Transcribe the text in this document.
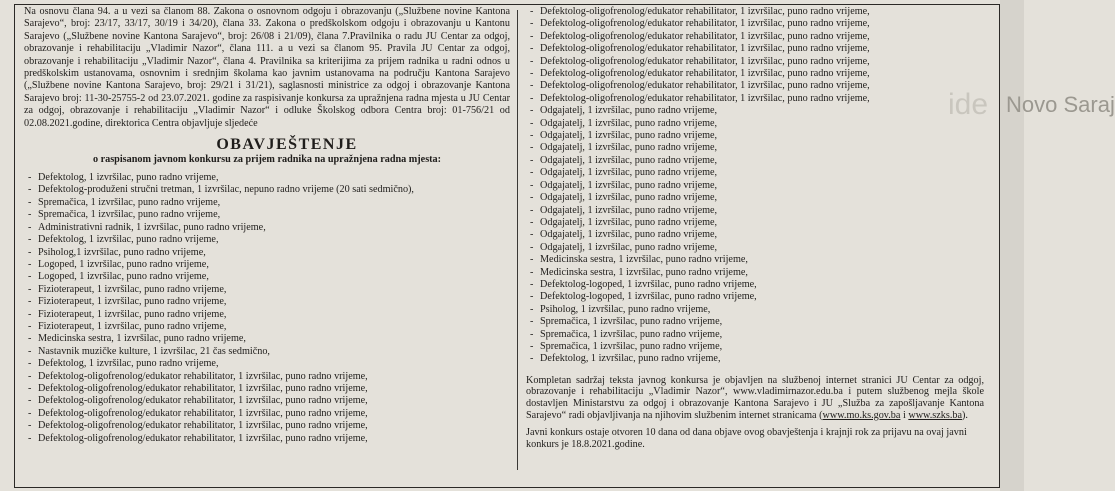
Novo Saraj
ide

Na osnovu člana 94. a u vezi sa članom 88. Zakona o osnovnom odgoju i obrazovanju („Službene novine Kantona Sarajevo“, broj: 23/17, 33/17, 30/19 i 34/20), člana 33. Zakona o predškolskom odgoju i obrazovanju u Kantonu Sarajevo („Službene novine Kantona Sarajevo“, broj: 26/08 i 21/09), člana 7.Pravilnika o radu JU Centar za odgoj, obrazovanje i rehabilitaciju „Vladimir Nazor“, člana 111. a u vezi sa članom 95. Pravila JU Centar za odgoj, obrazovanje i rehabilitaciju „Vladimir Nazor“, člana 4. Pravilnika sa kriterijima za prijem radnika u radni odnos u predškolskim ustanovama, osnovnim i srednjim školama kao javnim ustanovama na području Kantona Sarajevo („Službene novine Kantona Sarajevo, broj: 29/21 i 31/21), saglasnosti ministrice za odgoj i obrazovanje Kantona Sarajevo broj: 11-30-25755-2 od 23.07.2021. godine za raspisivanje konkursa za upražnjena radna mjesta u JU Centar za odgoj, obrazovanje i rehabilitaciju „Vladimir Nazor“ i odluke Školskog odbora Centra broj: 01-756/21 od 02.08.2021.godine, direktorica Centra objavljuje sljedeće

OBAVJEŠTENJE
o raspisanom javnom konkursu za prijem radnika na upražnjena radna mjesta:
- Defektolog, 1 izvršilac, puno radno vrijeme,
- Defektolog-produženi stručni tretman, 1 izvršilac, nepuno radno vrijeme (20 sati sedmično),
- Spremačica, 1 izvršilac, puno radno vrijeme,
- Spremačica, 1 izvršilac, puno radno vrijeme,
- Administrativni radnik, 1 izvršilac, puno radno vrijeme,
- Defektolog, 1 izvršilac, puno radno vrijeme,
- Psiholog,1 izvršilac, puno radno vrijeme,
- Logoped, 1 izvršilac, puno radno vrijeme,
- Logoped, 1 izvršilac, puno radno vrijeme,
- Fizioterapeut, 1 izvršilac, puno radno vrijeme,
- Fizioterapeut, 1 izvršilac, puno radno vrijeme,
- Fizioterapeut, 1 izvršilac, puno radno vrijeme,
- Fizioterapeut, 1 izvršilac, puno radno vrijeme,
- Medicinska sestra, 1 izvršilac, puno radno vrijeme,
- Nastavnik muzičke kulture, 1 izvršilac, 21 čas sedmično,
- Defektolog, 1 izvršilac, puno radno vrijeme,
- Defektolog-oligofrenolog/edukator rehabilitator, 1 izvršilac, puno radno vrijeme,
- Defektolog-oligofrenolog/edukator rehabilitator, 1 izvršilac, puno radno vrijeme,
- Defektolog-oligofrenolog/edukator rehabilitator, 1 izvršilac, puno radno vrijeme,
- Defektolog-oligofrenolog/edukator rehabilitator, 1 izvršilac, puno radno vrijeme,
- Defektolog-oligofrenolog/edukator rehabilitator, 1 izvršilac, puno radno vrijeme,
- Defektolog-oligofrenolog/edukator rehabilitator, 1 izvršilac, puno radno vrijeme,
- Defektolog-oligofrenolog/edukator rehabilitator, 1 izvršilac, puno radno vrijeme,
- Defektolog-oligofrenolog/edukator rehabilitator, 1 izvršilac, puno radno vrijeme,
- Defektolog-oligofrenolog/edukator rehabilitator, 1 izvršilac, puno radno vrijeme,
- Defektolog-oligofrenolog/edukator rehabilitator, 1 izvršilac, puno radno vrijeme,
- Defektolog-oligofrenolog/edukator rehabilitator, 1 izvršilac, puno radno vrijeme,
- Defektolog-oligofrenolog/edukator rehabilitator, 1 izvršilac, puno radno vrijeme,
- Defektolog-oligofrenolog/edukator rehabilitator, 1 izvršilac, puno radno vrijeme,
- Defektolog-oligofrenolog/edukator rehabilitator, 1 izvršilac, puno radno vrijeme,
- Odgajatelj, 1 izvršilac, puno radno vrijeme,
- Odgajatelj, 1 izvršilac, puno radno vrijeme,
- Odgajatelj, 1 izvršilac, puno radno vrijeme,
- Odgajatelj, 1 izvršilac, puno radno vrijeme,
- Odgajatelj, 1 izvršilac, puno radno vrijeme,
- Odgajatelj, 1 izvršilac, puno radno vrijeme,
- Odgajatelj, 1 izvršilac, puno radno vrijeme,
- Odgajatelj, 1 izvršilac, puno radno vrijeme,
- Odgajatelj, 1 izvršilac, puno radno vrijeme,
- Odgajatelj, 1 izvršilac, puno radno vrijeme,
- Odgajatelj, 1 izvršilac, puno radno vrijeme,
- Odgajatelj, 1 izvršilac, puno radno vrijeme,
- Medicinska sestra, 1 izvršilac, puno radno vrijeme,
- Medicinska sestra, 1 izvršilac, puno radno vrijeme,
- Defektolog-logoped, 1 izvršilac, puno radno vrijeme,
- Defektolog-logoped, 1 izvršilac, puno radno vrijeme,
- Psiholog, 1 izvršilac, puno radno vrijeme,
- Spremačica, 1 izvršilac, puno radno vrijeme,
- Spremačica, 1 izvršilac, puno radno vrijeme,
- Spremačica, 1 izvršilac, puno radno vrijeme,
- Defektolog, 1 izvršilac, puno radno vrijeme,

Kompletan sadržaj teksta javnog konkursa je objavljen na službenoj internet stranici JU Centar za odgoj, obrazovanje i rehabilitaciju „Vladimir Nazor“, www.vladimirnazor.edu.ba i putem službenog mejla škole dostavljen Ministarstvu za odgoj i obrazovanje Kantona Sarajevo i JU „Služba za zapošljavanje Kantona Sarajevo“ radi objavljivanja na njihovim službenim internet stranicama (www.mo.ks.gov.ba i www.szks.ba).

Javni konkurs ostaje otvoren 10 dana od dana objave ovog obavještenja i krajnji rok za prijavu na ovaj javni konkurs je 18.8.2021.godine.
